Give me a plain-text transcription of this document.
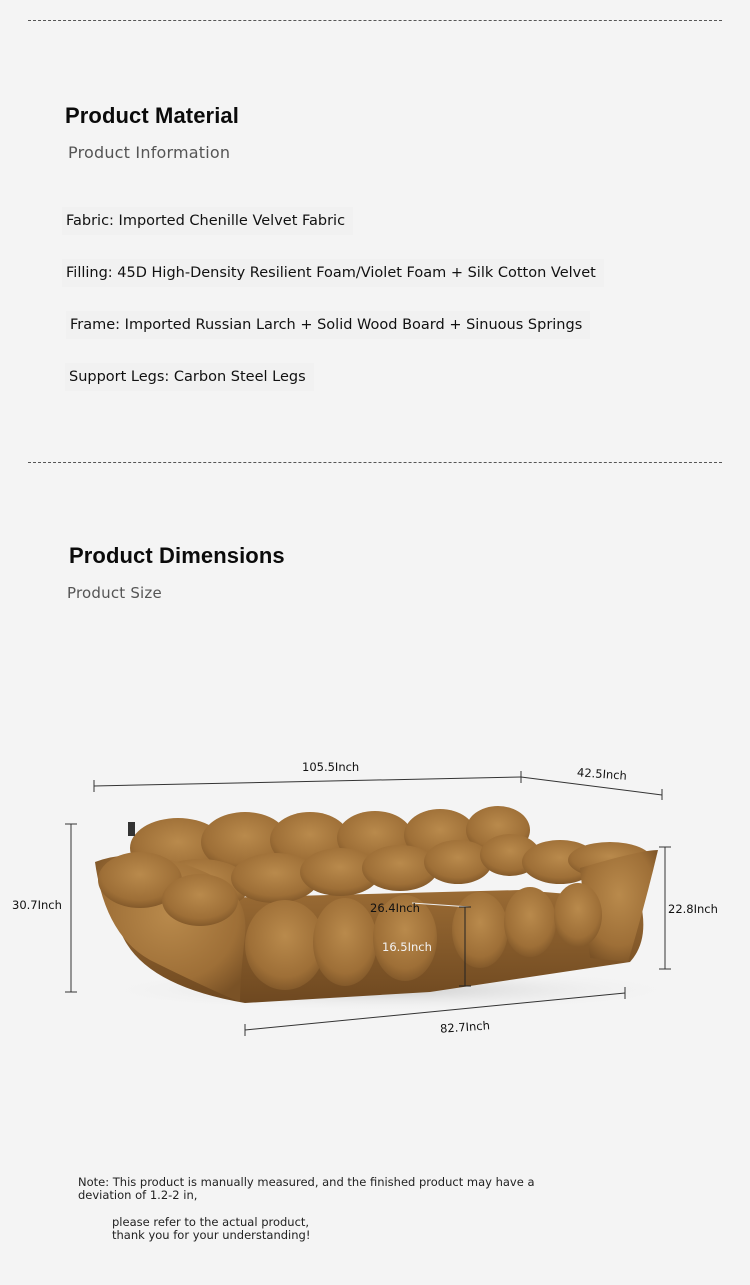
Product Material
Product Information
Fabric: Imported Chenille Velvet Fabric
Filling: 45D High-Density Resilient Foam/Violet Foam + Silk Cotton Velvet
Frame: Imported Russian Larch + Solid Wood Board + Sinuous Springs
Support Legs: Carbon Steel Legs
Product Dimensions
Product Size
105.5Inch	42.5Inch
30.7Inch	22.8Inch
26.4Inch
16.5Inch
82.7Inch
Note: This product is manually measured, and the finished product may have a
deviation of 1.2-2 in,
please refer to the actual product,
thank you for your understanding!
